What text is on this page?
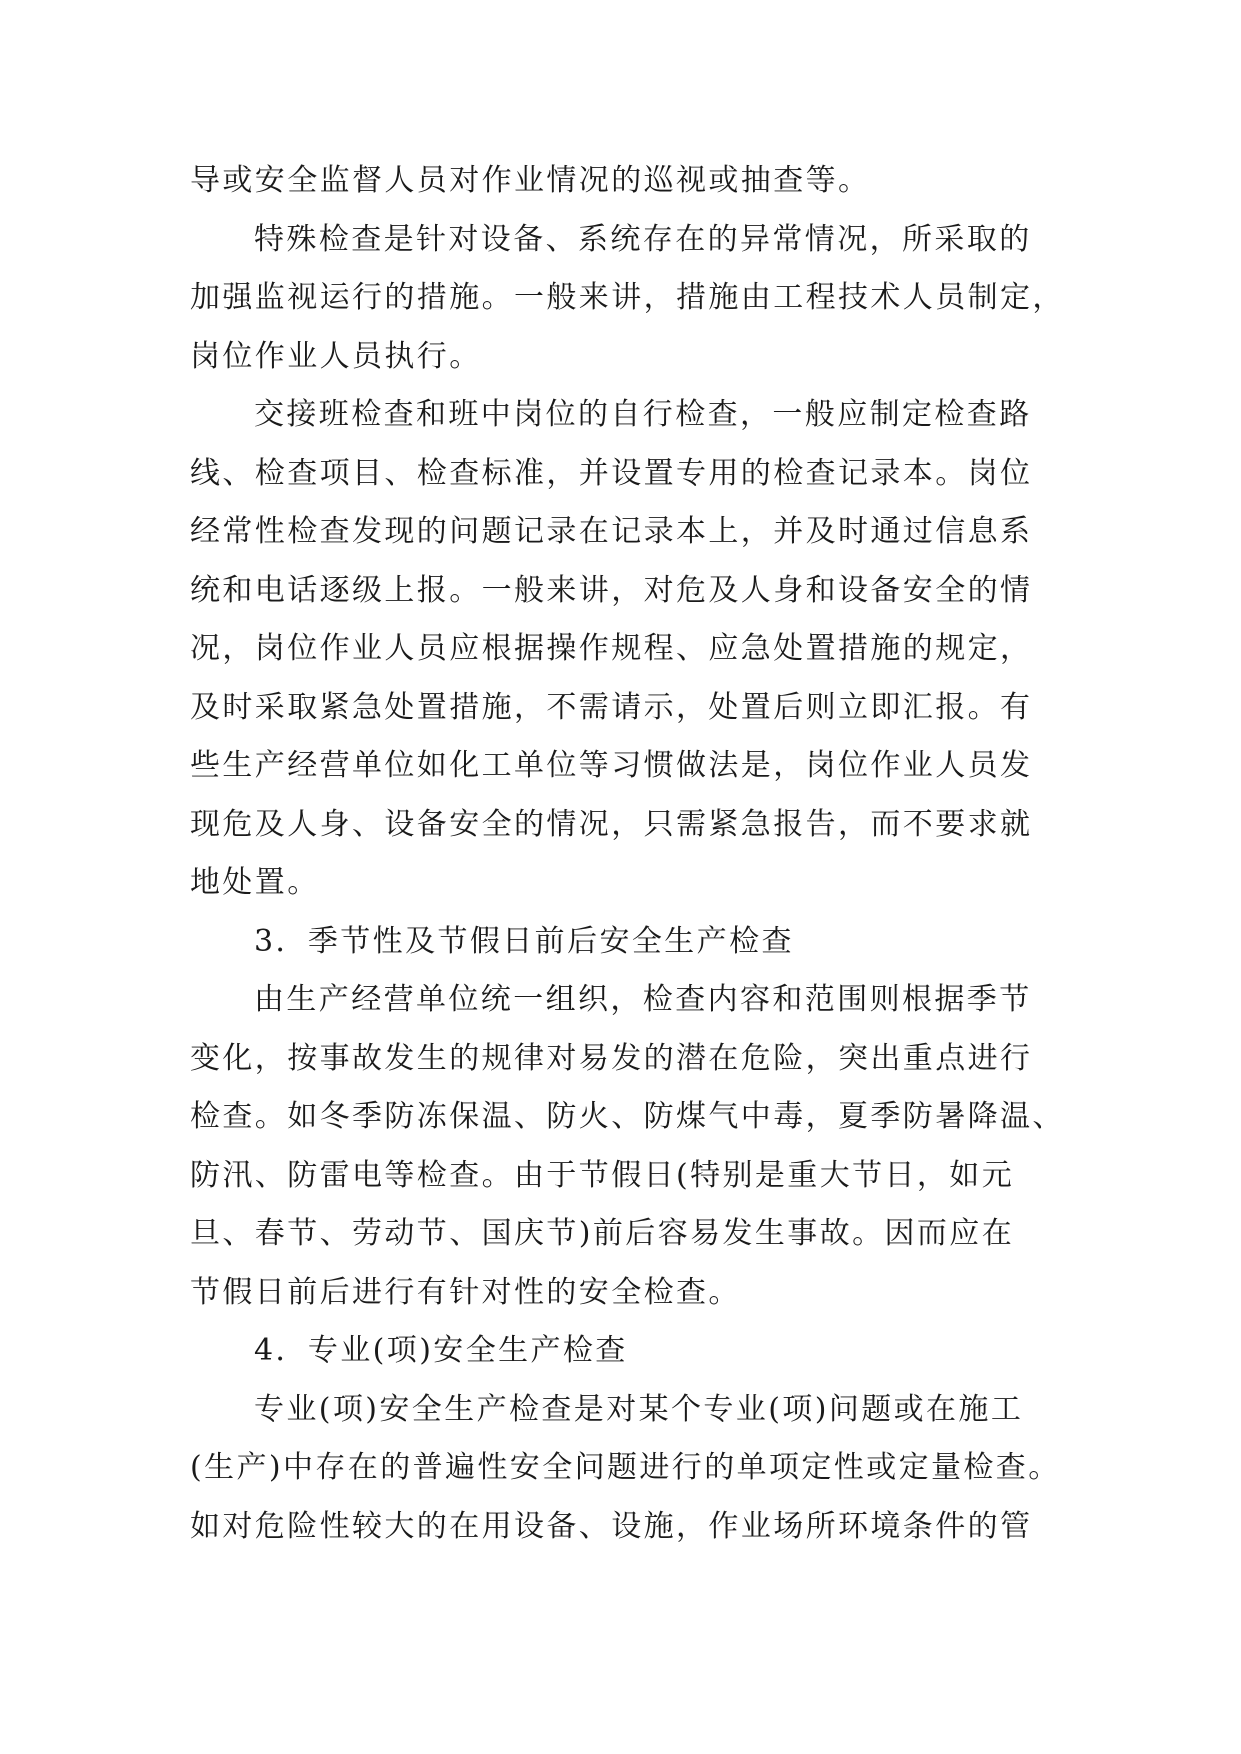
导或安全监督人员对作业情况的巡视或抽查等。
特殊检查是针对设备、系统存在的异常情况，所采取的
加强监视运行的措施。一般来讲，措施由工程技术人员制定，
岗位作业人员执行。
交接班检查和班中岗位的自行检查，一般应制定检查路
线、检查项目、检查标准，并设置专用的检查记录本。岗位
经常性检查发现的问题记录在记录本上，并及时通过信息系
统和电话逐级上报。一般来讲，对危及人身和设备安全的情
况，岗位作业人员应根据操作规程、应急处置措施的规定，
及时采取紧急处置措施，不需请示，处置后则立即汇报。有
些生产经营单位如化工单位等习惯做法是，岗位作业人员发
现危及人身、设备安全的情况，只需紧急报告，而不要求就
地处置。
3．季节性及节假日前后安全生产检查
由生产经营单位统一组织，检查内容和范围则根据季节
变化，按事故发生的规律对易发的潜在危险，突出重点进行
检查。如冬季防冻保温、防火、防煤气中毒，夏季防暑降温、
防汛、防雷电等检查。由于节假日(特别是重大节日，如元
旦、春节、劳动节、国庆节)前后容易发生事故。因而应在
节假日前后进行有针对性的安全检查。
4．专业(项)安全生产检查
专业(项)安全生产检查是对某个专业(项)问题或在施工
(生产)中存在的普遍性安全问题进行的单项定性或定量检查。
如对危险性较大的在用设备、设施，作业场所环境条件的管
